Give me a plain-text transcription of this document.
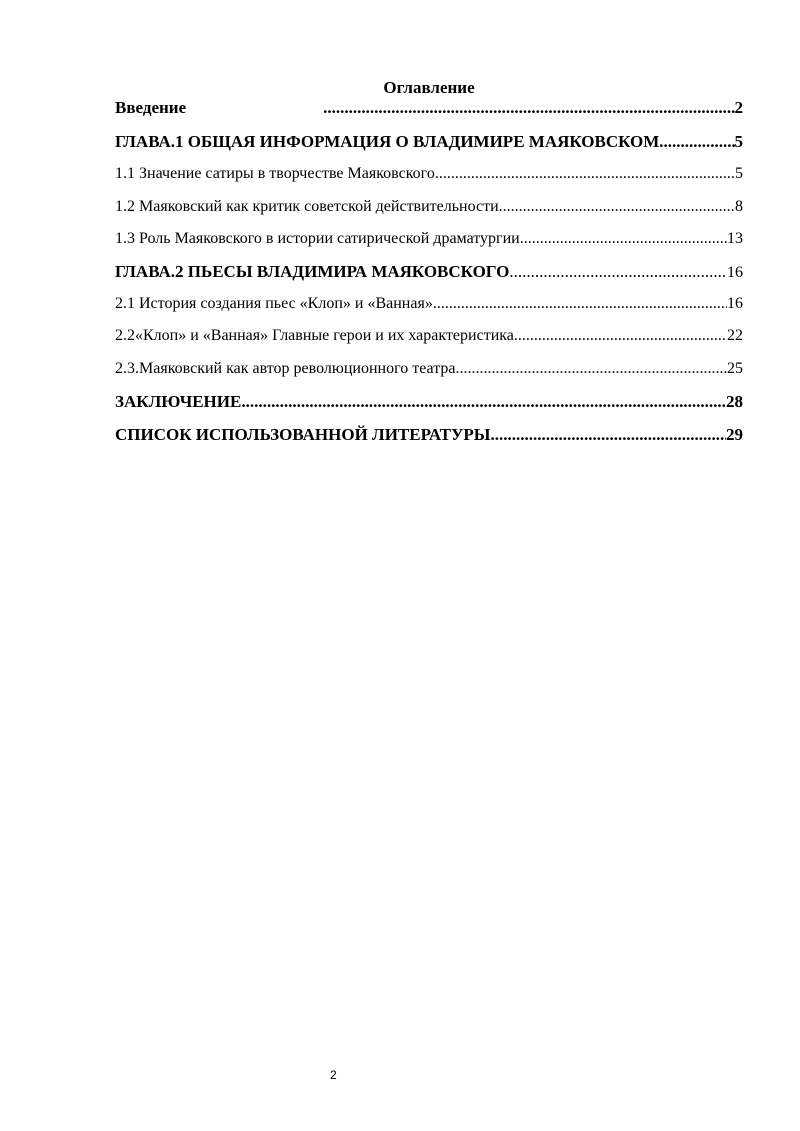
Оглавление
Введение .....	2
ГЛАВА.1 ОБЩАЯ ИНФОРМАЦИЯ О ВЛАДИМИРЕ МАЯКОВСКОМ. .....	5
1.1 Значение сатиры в творчестве Маяковского .....	5
1.2 Маяковский как критик советской действительности .....	8
1.3 Роль Маяковского в истории сатирической драматургии .....	13
ГЛАВА.2 ПЬЕСЫ ВЛАДИМИРА МАЯКОВСКОГО .....	16
2.1 История создания пьес «Клоп» и «Ванная» .....	16
2.2«Клоп» и «Ванная» Главные герои и их характеристика .....	22
2.3.Маяковский как автор революционного театра .....	25
ЗАКЛЮЧЕНИЕ .....	28
СПИСОК ИСПОЛЬЗОВАННОЙ ЛИТЕРАТУРЫ .....	29
2
